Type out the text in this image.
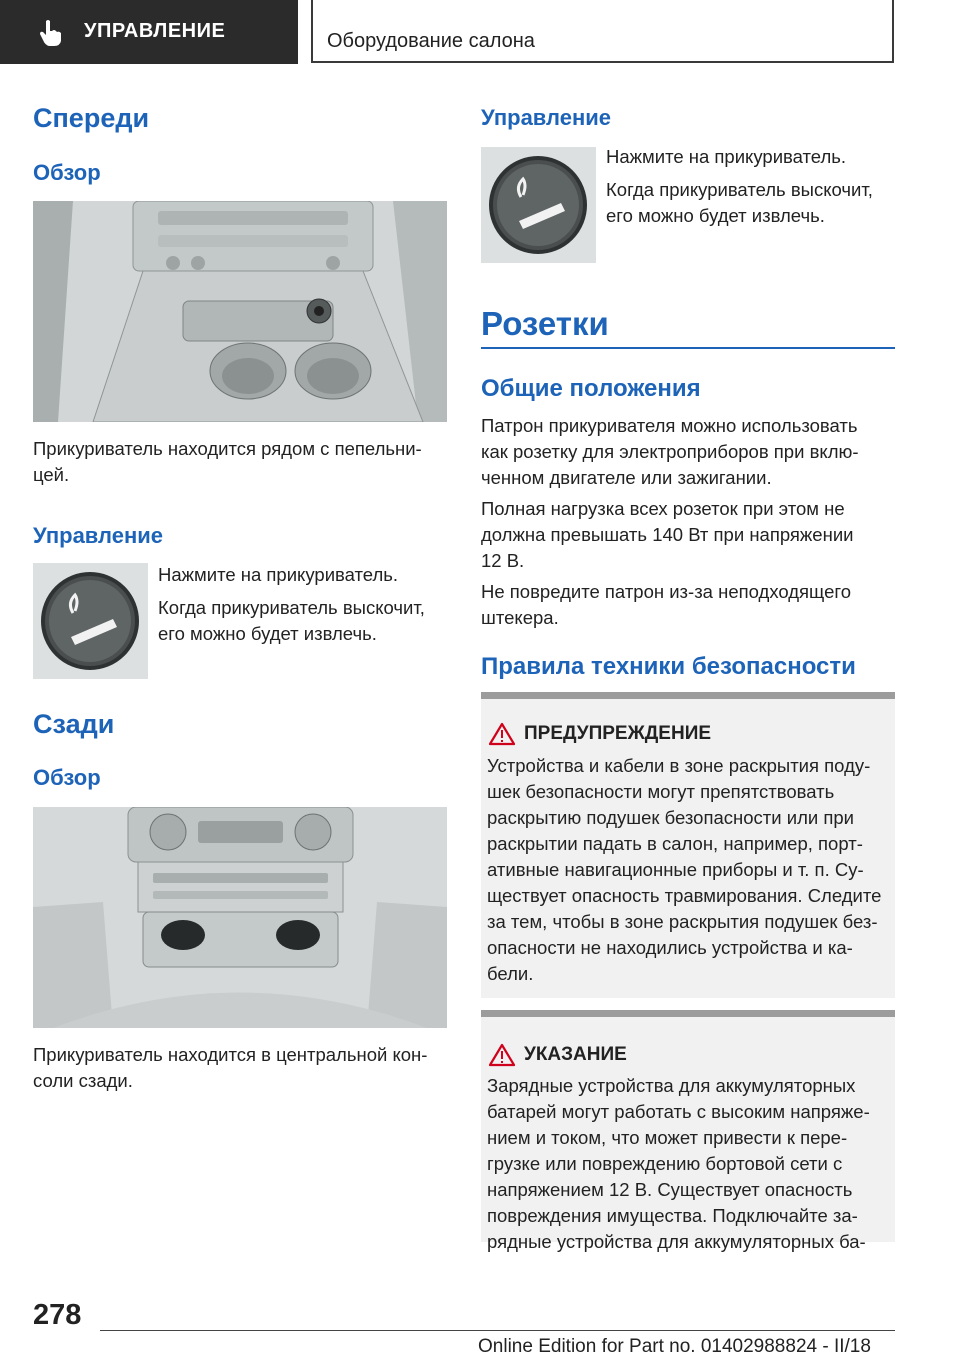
УПРАВЛЕНИЕ	Оборудование салона
Спереди
Обзор

Прикуриватель находится рядом с пепельни-

цей.

Управление

Нажмите на прикуриватель.

Когда прикуриватель выскочит,

его можно будет извлечь.

Сзади
Обзор

Прикуриватель находится в центральной кон-

соли сзади.

Управление

Нажмите на прикуриватель.

Когда прикуриватель выскочит,

его можно будет извлечь.

Розетки
Общие положения

Патрон прикуривателя можно использовать

как розетку для электроприборов при вклю-

ченном двигателе или зажигании.

Полная нагрузка всех розеток при этом не

должна превышать 140 Вт при напряжении

12 В.

Не повредите патрон из-за неподходящего

штекера.

Правила техники безопасности
ПРЕДУПРЕЖДЕНИЕ

Устройства и кабели в зоне раскрытия поду-

шек безопасности могут препятствовать

раскрытию подушек безопасности или при

раскрытии падать в салон, например, порт-

ативные навигационные приборы и т. п. Су-

ществует опасность травмирования. Следите

за тем, чтобы в зоне раскрытия подушек без-

опасности не находились устройства и ка-

бели.

УКАЗАНИЕ

Зарядные устройства для аккумуляторных

батарей могут работать с высоким напряже-

нием и током, что может привести к пере-

грузке или повреждению бортовой сети с

напряжением 12 В. Существует опасность

повреждения имущества. Подключайте за-

рядные устройства для аккумуляторных ба-

278
Online Edition for Part no. 01402988824 - II/18
